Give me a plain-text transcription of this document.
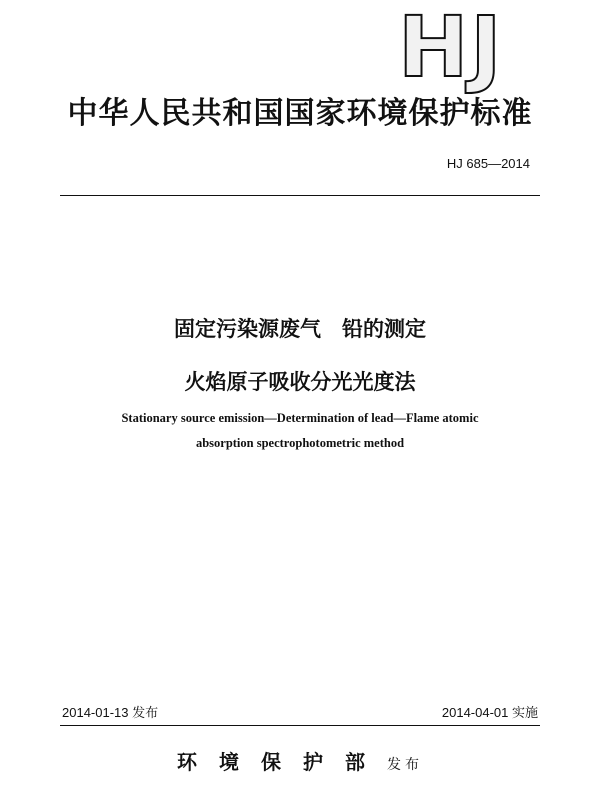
HJ
中华人民共和国国家环境保护标准
HJ 685—2014
固定污染源废气　铅的测定
火焰原子吸收分光光度法
Stationary source emission—Determination of lead—Flame atomic
absorption spectrophotometric method
2014-01-13 发布	2014-04-01 实施
环境保护部发布
